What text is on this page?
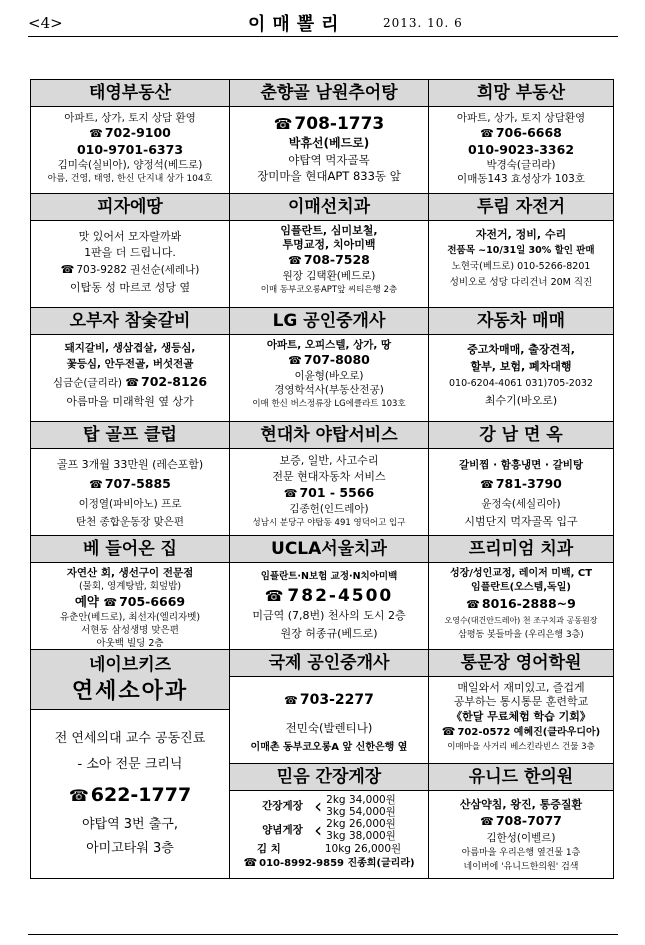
<4>	이매뽈리	2013. 10. 6
태영부동산
아파트, 상가, 토지 상담 환영
☎ 702-9100
010-9701-6373
김미숙(실비아), 양정석(베드로)
아름, 건영, 태영, 한신 단지내 상가 104호
춘향골 남원추어탕
☎ 708-1773
박휴선(베드로)
야탑역 먹자골목
장미마을 현대APT 833동 앞
희망 부동산
아파트, 상가, 토지 상담환영
☎ 706-6668
010-9023-3362
박경숙(글리라)
이매동143 효성상가 103호
피자에땅
맛 있어서 모자랄까봐
1판을 더 드립니다.
☎ 703-9282 권선순(세레나)
이탑동 성 마르코 성당 옆
이매선치과
임플란트, 심미보철,
투명교정, 치아미백
☎ 708-7528
원장 김택환(베드로)
이매 동부코오롱APT앞 씨티은행 2층
투림 자전거
자전거, 정비, 수리
전품목 ~10/31일 30% 할인 판매
노현국(베드로) 010-5266-8201
성비오로 성당 다리건너 20M 직진
오부자 참숯갈비
돼지갈비, 생삼겹살, 생등심,
꽃등심, 안두전골, 버섯전골
심금순(글리라) ☎ 702-8126
아름마을 미래학원 옆 상가
LG 공인중개사
아파트, 오피스텔, 상가, 땅
☎ 707-8080
이윤형(바오로)
경영학석사(부동산전공)
이매 한신 버스정류장 LG에클라트 103호
자동차 매매
중고차매매, 출장견적,
할부, 보험, 폐차대행
010-6204-4061 031)705-2032
최수기(바오로)
탑 골프 클럽
골프 3개월 33만원 (레슨포함)
☎ 707-5885
이정열(파비아노) 프로
탄천 종합운동장 맞은편
현대차 야탑서비스
보증, 일반, 사고수리
전문 현대자동차 서비스
☎ 701 - 5566
김종헌(인드레아)
성남시 분당구 야탑동 491 영덕어고 입구
강 남 면 옥
갈비찜 · 함흥냉면 · 갈비탕
☎ 781-3790
윤정숙(세실리아)
시범단지 먹자골목 입구
베 들어온 집
자연산 회, 생선구이 전문점
(물회, 영계탕밥, 회덮밥)
예약 ☎ 705-6669
유춘안(베드로), 최선자(엘리자벳)
서현동 삼성생명 맞은편
아웃백 빌딩 2층
UCLA서울치과
임플란트·N보험 교정·N치아미백
☎ 782-4500
미금역 (7,8번) 천사의 도시 2층
원장 허종규(베드로)
프리미엄 치과
성장/성인교정, 레이저 미백, CT
임플란트(오스템,독일)
☎ 8016-2888~9
오영수(대건안드레아) 천 조구치과 공동원장
삼평동 봇들마을 (우리은행 3층)
네이브키즈
연세소아과
전 연세의대 교수 공동진료
- 소아 전문 크리닉
☎ 622-1777
야탑역 3번 출구,
아미고타워 3층
국제 공인중개사
☎ 703-2277
전민숙(발렌티나)
이매촌 동부코오롱A 앞 신한은행 옆
통문장 영어학원
매일와서 재미있고, 즐겁게
공부하는 통시통문 훈련학교
《한달 무료체험 학습 기회》
☎ 702-0572 예혜진(클라우디아)
이매마을 사거리 베스킨라빈스 건물 3층
믿음 간장게장
간장게장 ‹ 2kg 34,000원
3kg 54,000원
양념게장 ‹ 2kg 26,000원
3kg 38,000원
김 치	10kg 26,000원
☎ 010-8992-9859 진종희(글리라)
유니드 한의원
산삼약침, 왕진, 통증질환
☎ 708-7077
김한성(이벨르)
아름마을 우리은행 옆건물 1층
네이버에 '유니드한의원' 검색
